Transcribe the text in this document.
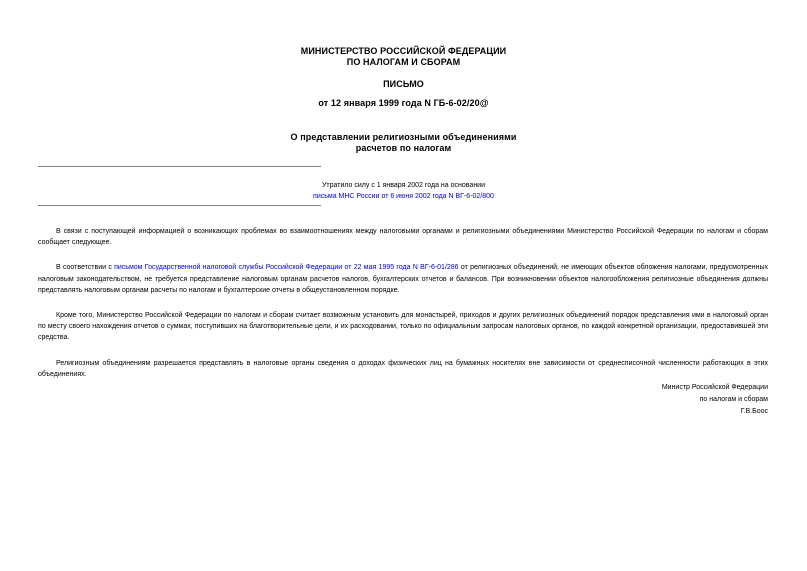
МИНИСТЕРСТВО РОССИЙСКОЙ ФЕДЕРАЦИИ
ПО НАЛОГАМ И СБОРАМ
ПИСЬМО
от 12 января 1999 года N ГБ-6-02/20@
О представлении религиозными объединениями
расчетов по налогам
Утратило силу с 1 января 2002 года на основании
письма МНС России от 6 июня 2002 года N ВГ-6-02/800

В связи с поступающей информацией о возникающих проблемах во взаимоотношениях между налоговыми органами и религиозными объединениями Министерство Российской Федерации по налогам и сборам сообщает следующее.

В соответствии с письмом Государственной налоговой службы Российской Федерации от 22 мая 1995 года N ВГ-6-01/286 от религиозных объединений, не имеющих объектов обложения налогами, предусмотренных налоговым законодательством, не требуется представление налоговым органам расчетов налогов, бухгалтерских отчетов и балансов. При возникновении объектов налогообложения религиозные объединения должны представлять налоговым органам расчеты по налогам и бухгалтерские отчеты в общеустановленном порядке.

Кроме того, Министерство Российской Федерации по налогам и сборам считает возможным установить для монастырей, приходов и других религиозных объединений порядок представления ими в налоговый орган по месту своего нахождения отчетов о суммах, поступивших на благотворительные цели, и их расходовании, только по официальным запросам налоговых органов, по каждой конкретной организации, предоставившей эти средства.

Религиозным объединениям разрешается представлять в налоговые органы сведения о доходах физических лиц на бумажных носителях вне зависимости от среднесписочной численности работающих в этих объединениях.

Министр Российской Федерации
по налогам и сборам
Г.В.Боос
